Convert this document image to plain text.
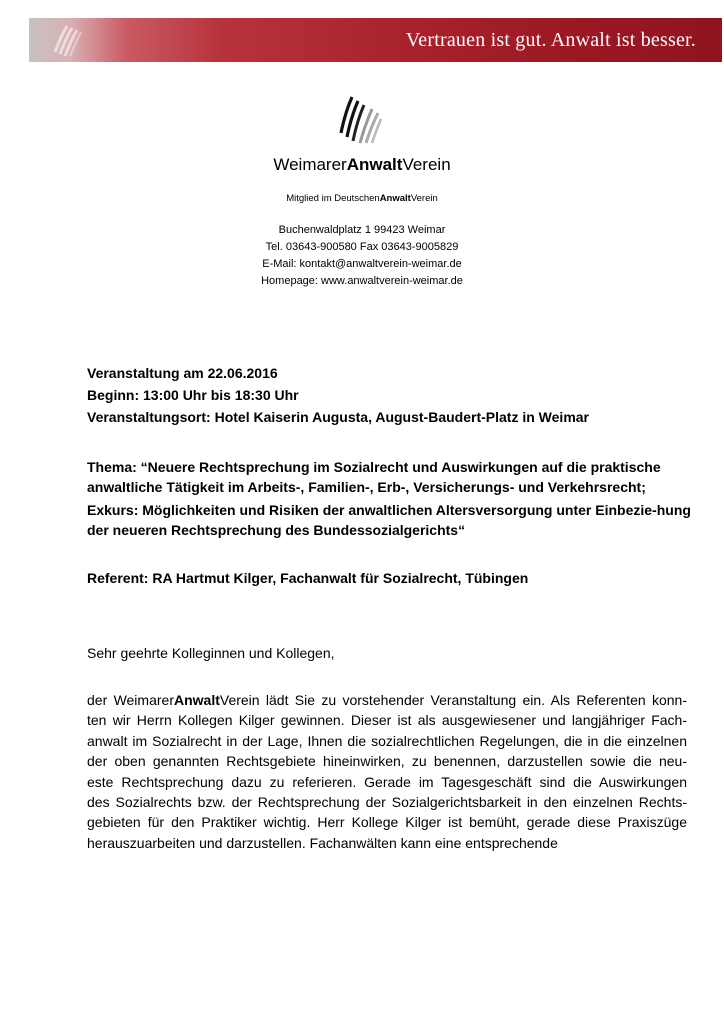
Vertrauen ist gut. Anwalt ist besser.
WeimarerAnwaltVerein
Mitglied im DeutschenAnwaltVerein
Buchenwaldplatz 1 99423 Weimar
Tel. 03643-900580 Fax 03643-9005829
E-Mail: kontakt@anwaltverein-weimar.de
Homepage: www.anwaltverein-weimar.de

Veranstaltung am 22.06.2016

Beginn: 13:00 Uhr bis 18:30 Uhr

Veranstaltungsort: Hotel Kaiserin Augusta, August-Baudert-Platz in Weimar

Thema: “Neuere Rechtsprechung im Sozialrecht und Auswirkungen auf die praktische anwaltliche Tätigkeit im Arbeits-, Familien-, Erb-, Versicherungs- und Verkehrsrecht;

Exkurs: Möglichkeiten und Risiken der anwaltlichen Altersversorgung unter Einbezie-hung der neueren Rechtsprechung des Bundessozialgerichts“

Referent: RA Hartmut Kilger, Fachanwalt für Sozialrecht, Tübingen
Sehr geehrte Kolleginnen und Kollegen,
der WeimarerAnwaltVerein lädt Sie zu vorstehender Veranstaltung ein. Als Referenten konn-
ten wir Herrn Kollegen Kilger gewinnen. Dieser ist als ausgewiesener und langjähriger Fach-
anwalt im Sozialrecht in der Lage, Ihnen die sozialrechtlichen Regelungen, die in die einzelnen
der oben genannten Rechtsgebiete hineinwirken, zu benennen, darzustellen sowie die neu-
este Rechtsprechung dazu zu referieren. Gerade im Tagesgeschäft sind die Auswirkungen
des Sozialrechts bzw. der Rechtsprechung der Sozialgerichtsbarkeit in den einzelnen Rechts-
gebieten für den Praktiker wichtig. Herr Kollege Kilger ist bemüht, gerade diese Praxiszüge
herauszuarbeiten und darzustellen. Fachanwälten kann eine entsprechende
